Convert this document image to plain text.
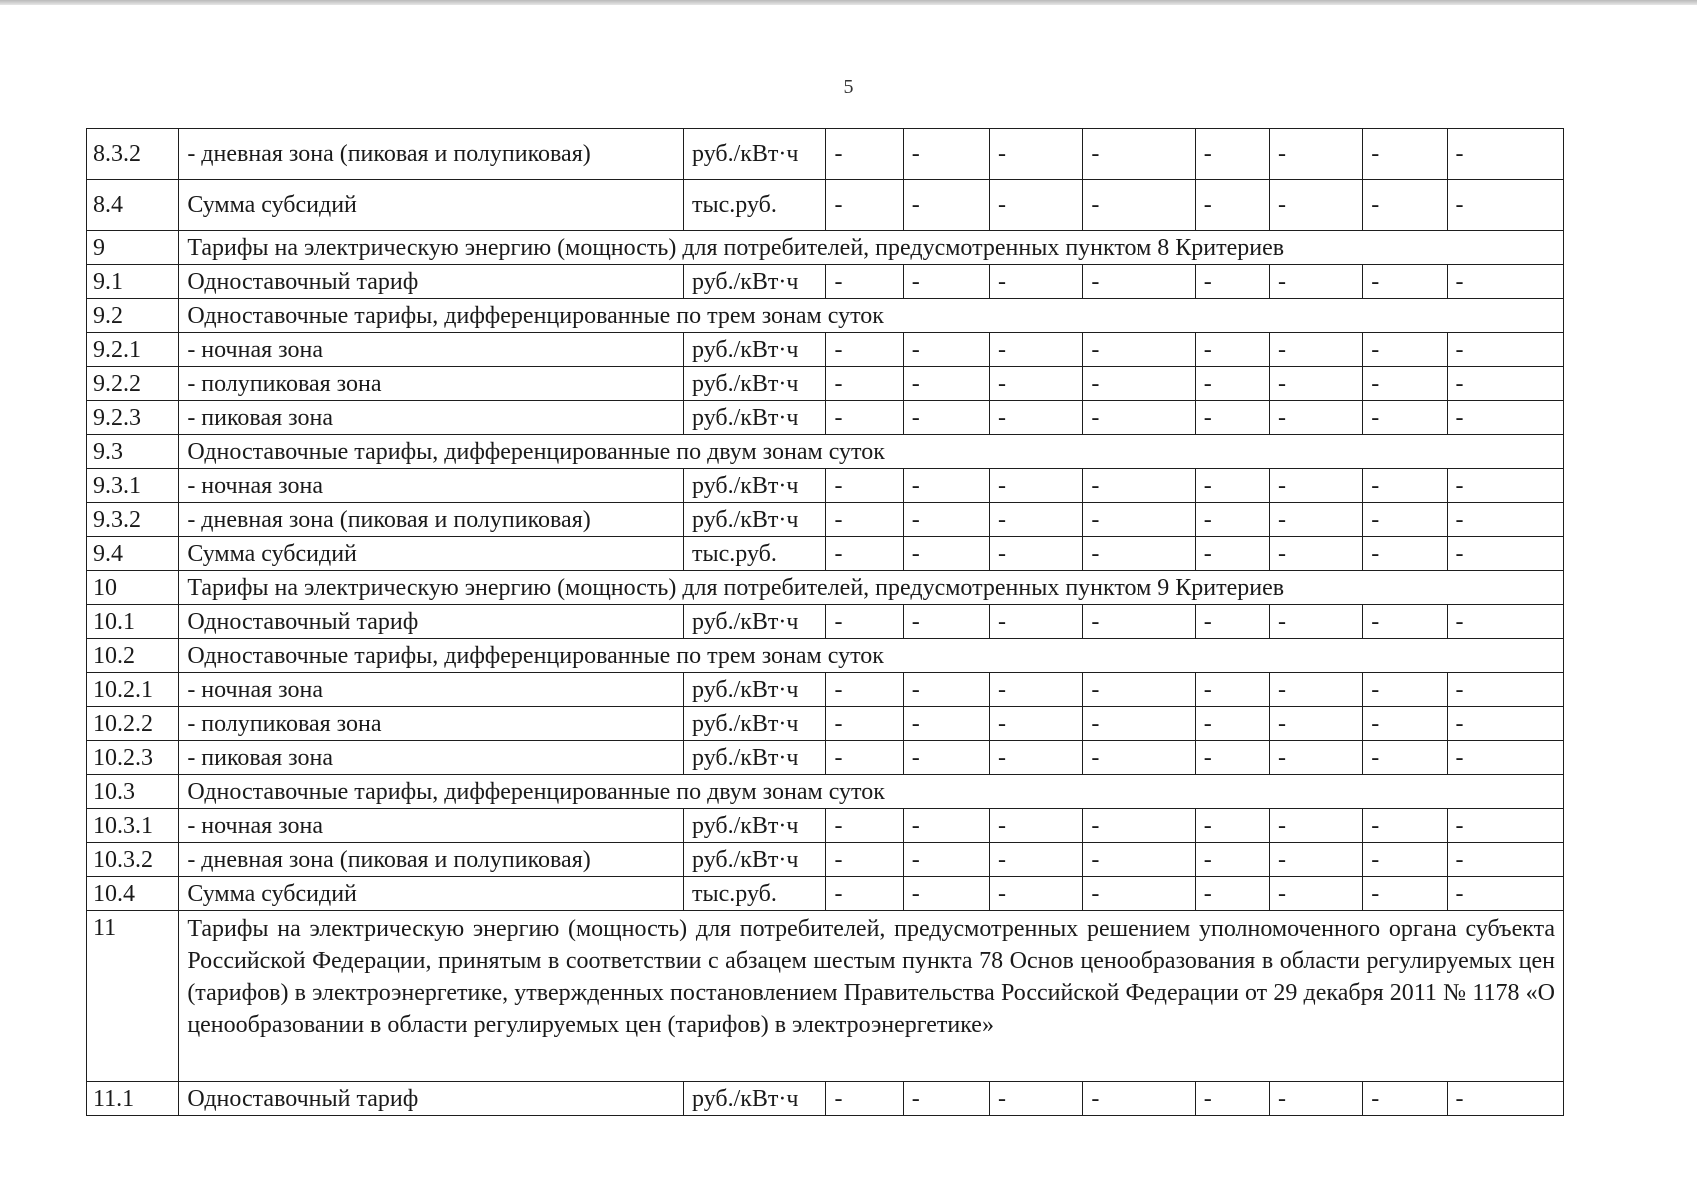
5
8.3.2	- дневная зона (пиковая и полупиковая)	руб./кВт·ч	-	-	-	-	-	-	-	-
8.4	Сумма субсидий	тыс.руб.	-	-	-	-	-	-	-	-
9	Тарифы на электрическую энергию (мощность) для потребителей, предусмотренных пунктом 8 Критериев									
9.1	Одноставочный тариф	руб./кВт·ч	-	-	-	-	-	-	-	-
9.2	Одноставочные тарифы, дифференцированные по трем зонам суток									
9.2.1	- ночная зона	руб./кВт·ч	-	-	-	-	-	-	-	-
9.2.2	- полупиковая зона	руб./кВт·ч	-	-	-	-	-	-	-	-
9.2.3	- пиковая зона	руб./кВт·ч	-	-	-	-	-	-	-	-
9.3	Одноставочные тарифы, дифференцированные по двум зонам суток									
9.3.1	- ночная зона	руб./кВт·ч	-	-	-	-	-	-	-	-
9.3.2	- дневная зона (пиковая и полупиковая)	руб./кВт·ч	-	-	-	-	-	-	-	-
9.4	Сумма субсидий	тыс.руб.	-	-	-	-	-	-	-	-
10	Тарифы на электрическую энергию (мощность) для потребителей, предусмотренных пунктом 9 Критериев									
10.1	Одноставочный тариф	руб./кВт·ч	-	-	-	-	-	-	-	-
10.2	Одноставочные тарифы, дифференцированные по трем зонам суток									
10.2.1	- ночная зона	руб./кВт·ч	-	-	-	-	-	-	-	-
10.2.2	- полупиковая зона	руб./кВт·ч	-	-	-	-	-	-	-	-
10.2.3	- пиковая зона	руб./кВт·ч	-	-	-	-	-	-	-	-
10.3	Одноставочные тарифы, дифференцированные по двум зонам суток									
10.3.1	- ночная зона	руб./кВт·ч	-	-	-	-	-	-	-	-
10.3.2	- дневная зона (пиковая и полупиковая)	руб./кВт·ч	-	-	-	-	-	-	-	-
10.4	Сумма субсидий	тыс.руб.	-	-	-	-	-	-	-	-
11	Тарифы на электрическую энергию (мощность) для потребителей, предусмотренных решением уполномоченного органа субъекта Российской Федерации, принятым в соответствии с абзацем шестым пункта 78 Основ ценообразования в области регулируемых цен (тарифов) в электроэнергетике, утвержденных постановлением Правительства Российской Федерации от 29 декабря 2011 № 1178 «О ценообразовании в области регулируемых цен (тарифов) в электроэнергетике»									
11.1	Одноставочный тариф	руб./кВт·ч	-	-	-	-	-	-	-	-
